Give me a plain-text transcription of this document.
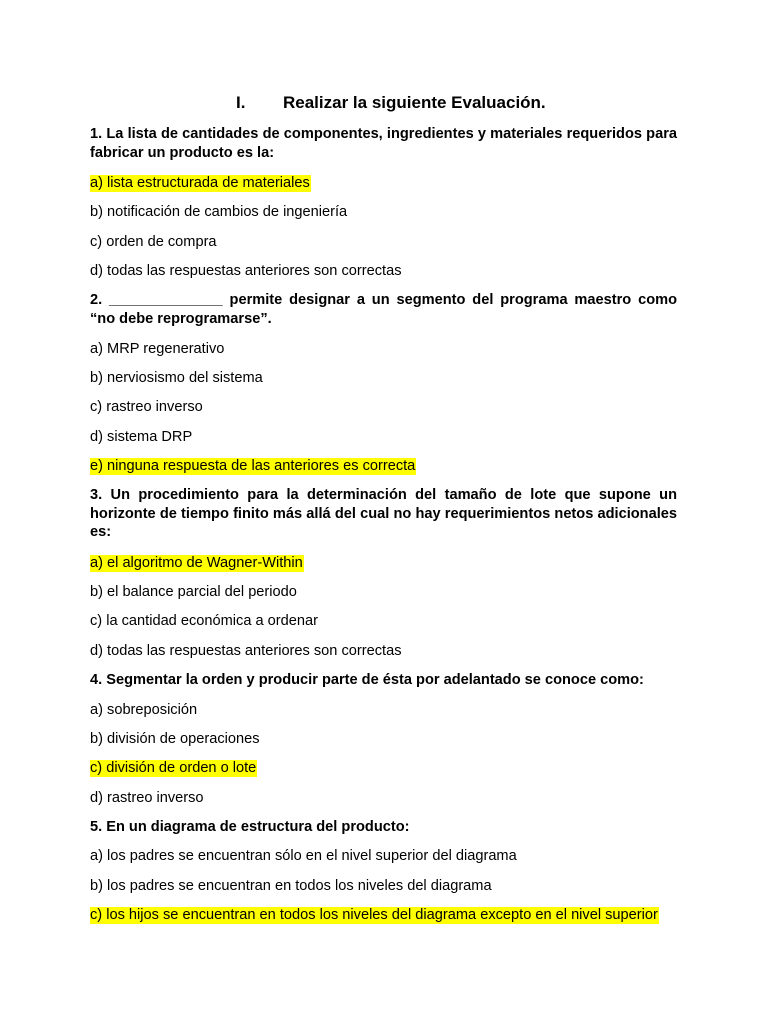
I. Realizar la siguiente Evaluación.
1. La lista de cantidades de componentes, ingredientes y materiales requeridos para fabricar un producto es la:
a) lista estructurada de materiales
b) notificación de cambios de ingeniería
c) orden de compra
d) todas las respuestas anteriores son correctas
2. ______________ permite designar a un segmento del programa maestro como “no debe reprogramarse”.
a) MRP regenerativo
b) nerviosismo del sistema
c) rastreo inverso
d) sistema DRP
e) ninguna respuesta de las anteriores es correcta
3. Un procedimiento para la determinación del tamaño de lote que supone un horizonte de tiempo finito más allá del cual no hay requerimientos netos adicionales es:
a) el algoritmo de Wagner-Within
b) el balance parcial del periodo
c) la cantidad económica a ordenar
d) todas las respuestas anteriores son correctas
4. Segmentar la orden y producir parte de ésta por adelantado se conoce como:
a) sobreposición
b) división de operaciones
c) división de orden o lote
d) rastreo inverso
5. En un diagrama de estructura del producto:
a) los padres se encuentran sólo en el nivel superior del diagrama
b) los padres se encuentran en todos los niveles del diagrama
c) los hijos se encuentran en todos los niveles del diagrama excepto en el nivel superior
